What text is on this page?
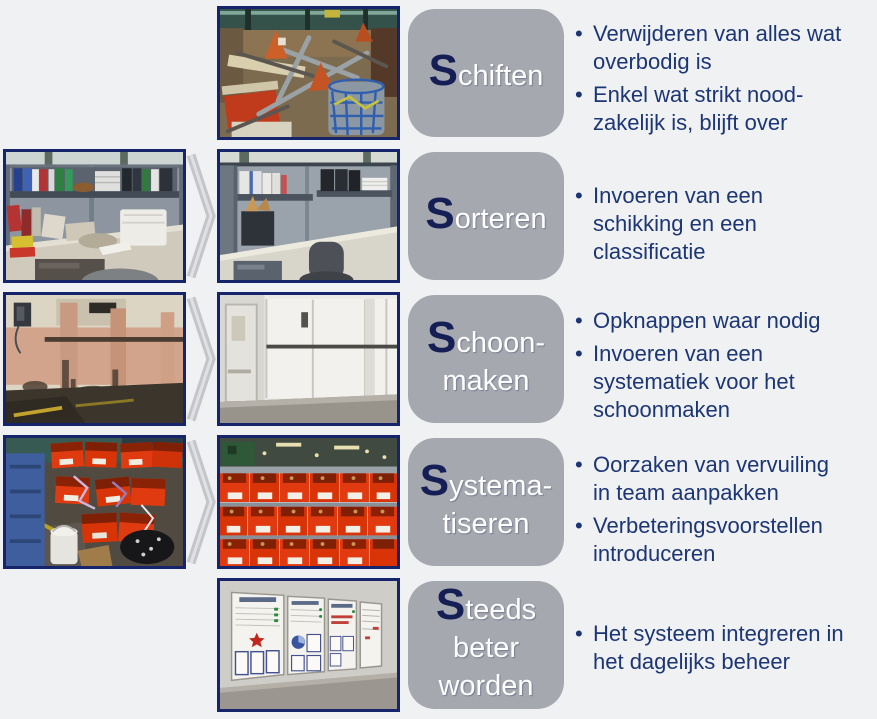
Schiften
• Verwijderen van alles wat
overbodig is
• Enkel wat strikt nood-
zakelijk is, blijft over
Sorteren
• Invoeren van een
schikking en een
classificatie
Schoon-
maken
• Opknappen waar nodig
• Invoeren van een
systematiek voor het
schoonmaken
Systema-
tiseren
• Oorzaken van vervuiling
in team aanpakken
• Verbeteringsvoorstellen
introduceren
Steeds
beter
worden
• Het systeem integreren in
het dagelijks beheer
